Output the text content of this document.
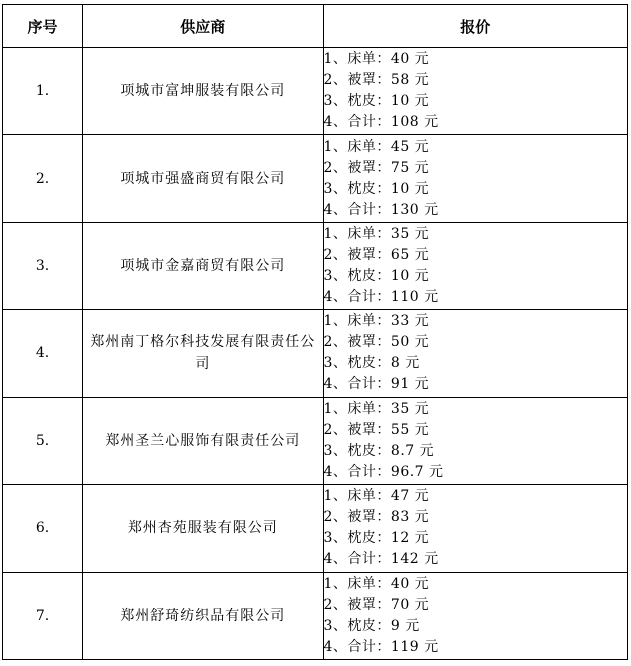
序号	供应商	报价
1.	项城市富坤服装有限公司	1、床单：40 元
2、被罩：58 元
3、枕皮：10 元
4、合计：108 元

2.	项城市强盛商贸有限公司	1、床单：45 元
2、被罩：75 元
3、枕皮：10 元
4、合计：130 元

3.	项城市金嘉商贸有限公司	1、床单：35 元
2、被罩：65 元
3、枕皮：10 元
4、合计：110 元

4.	郑州南丁格尔科技发展有限责任公司	1、床单：33 元
2、被罩：50 元
3、枕皮：8 元
4、合计：91 元

5.	郑州圣兰心服饰有限责任公司	1、床单：35 元
2、被罩：55 元
3、枕皮：8.7 元
4、合计：96.7 元

6.	郑州杏苑服装有限公司	1、床单：47 元
2、被罩：83 元
3、枕皮：12 元
4、合计：142 元

7.	郑州舒琦纺织品有限公司	1、床单：40 元
2、被罩：70 元
3、枕皮：9 元
4、合计：119 元
